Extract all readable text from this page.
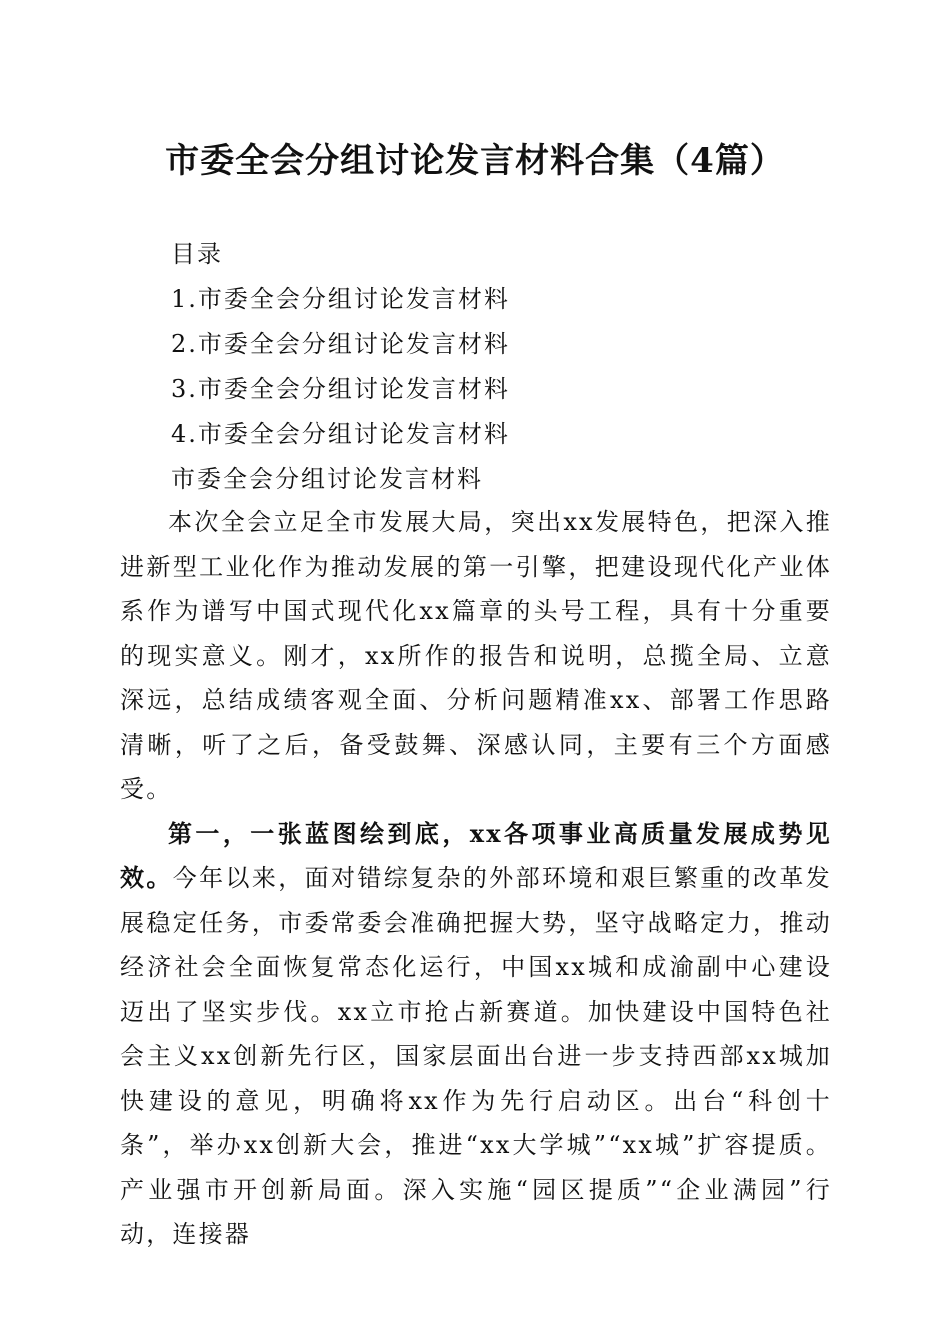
市委全会分组讨论发言材料合集（4篇）
目录
1.市委全会分组讨论发言材料
2.市委全会分组讨论发言材料
3.市委全会分组讨论发言材料
4.市委全会分组讨论发言材料
市委全会分组讨论发言材料

本次全会立足全市发展大局，突出xx发展特色，把深入推进新型工业化作为推动发展的第一引擎，把建设现代化产业体系作为谱写中国式现代化xx篇章的头号工程，具有十分重要的现实意义。刚才，xx所作的报告和说明，总揽全局、立意深远，总结成绩客观全面、分析问题精准xx、部署工作思路清晰，听了之后，备受鼓舞、深感认同，主要有三个方面感受。

第一，一张蓝图绘到底，xx各项事业高质量发展成势见效。今年以来，面对错综复杂的外部环境和艰巨繁重的改革发展稳定任务，市委常委会准确把握大势，坚守战略定力，推动经济社会全面恢复常态化运行，中国xx城和成渝副中心建设迈出了坚实步伐。xx立市抢占新赛道。加快建设中国特色社会主义xx创新先行区，国家层面出台进一步支持西部xx城加快建设的意见，明确将xx作为先行启动区。出台“科创十条”，举办xx创新大会，推进“xx大学城”“xx城”扩容提质。产业强市开创新局面。深入实施“园区提质”“企业满园”行动，连接器
